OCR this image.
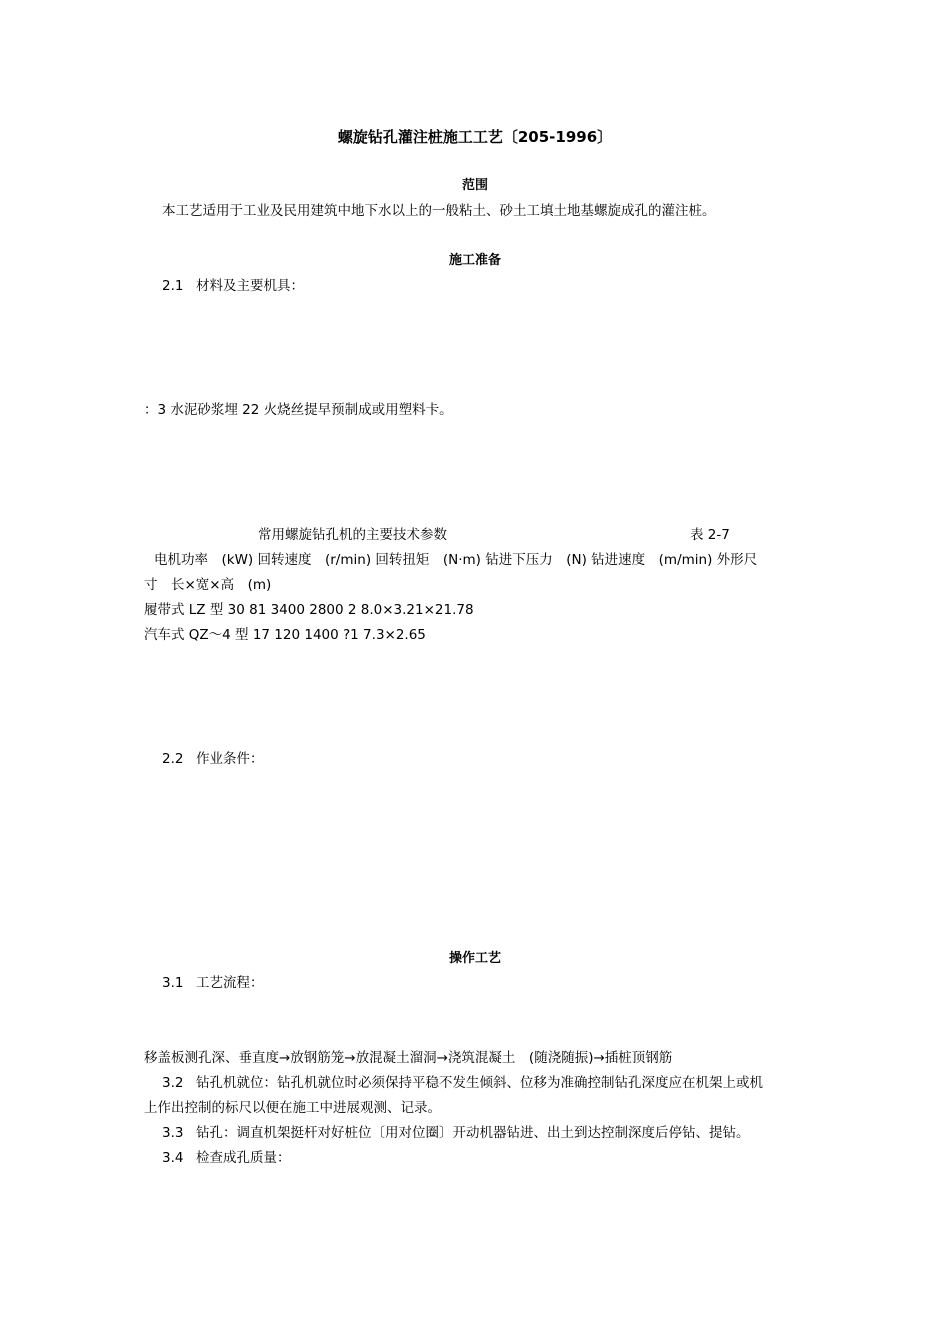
螺旋钻孔灌注桩施工工艺〔205-1996〕
范围
本工艺适用于工业及民用建筑中地下水以上的一般粘土、砂土工填土地基螺旋成孔的灌注桩。
施工准备
2.1 材料及主要机具：
：3 水泥砂浆埋 22 火烧丝提早预制成或用塑料卡。
常用螺旋钻孔机的主要技术参数	表 2-7
电机功率　(kW) 回转速度　(r/min) 回转扭矩　(N·m) 钻进下压力　(N) 钻进速度　(m/min) 外形尺
寸　长×宽×高　(m)
履带式 LZ 型 30 81 3400 2800 2 8.0×3.21×21.78
汽车式 QZ～4 型 17 120 1400 ?1 7.3×2.65
2.2 作业条件：
操作工艺
3.1 工艺流程：
移盖板测孔深、垂直度→放钢筋笼→放混凝土溜洞→浇筑混凝土　(随浇随振)→插桩顶钢筋
3.2 钻孔机就位：钻孔机就位时必须保持平稳不发生倾斜、位移为准确控制钻孔深度应在机架上或机
上作出控制的标尺以便在施工中进展观测、记录。
3.3 钻孔：调直机架挺杆对好桩位〔用对位圈〕开动机器钻进、出土到达控制深度后停钻、提钻。
3.4 检查成孔质量：
